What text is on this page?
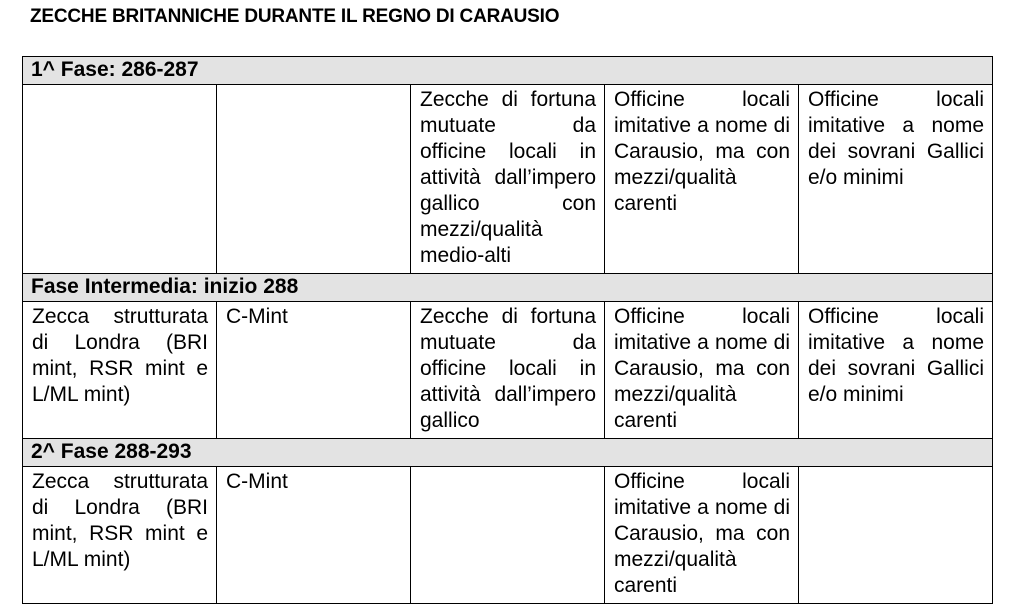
ZECCHE BRITANNICHE DURANTE IL REGNO DI CARAUSIO
1^ Fase: 286-287				
		Zecche di fortuna mutuate da officine locali in attività dall’impero gallico con mezzi/qualità medio-alti	Officine locali imitative a nome di Carausio, ma con mezzi/qualità carenti	Officine locali imitative a nome dei sovrani Gallici e/o minimi
Fase Intermedia: inizio 288				
Zecca strutturata di Londra (BRI mint, RSR mint e L/ML mint)	C-Mint	Zecche di fortuna mutuate da officine locali in attività dall’impero gallico	Officine locali imitative a nome di Carausio, ma con mezzi/qualità carenti	Officine locali imitative a nome dei sovrani Gallici e/o minimi
2^ Fase 288-293				
Zecca strutturata di Londra (BRI mint, RSR mint e L/ML mint)	C-Mint		Officine locali imitative a nome di Carausio, ma con mezzi/qualità carenti	
